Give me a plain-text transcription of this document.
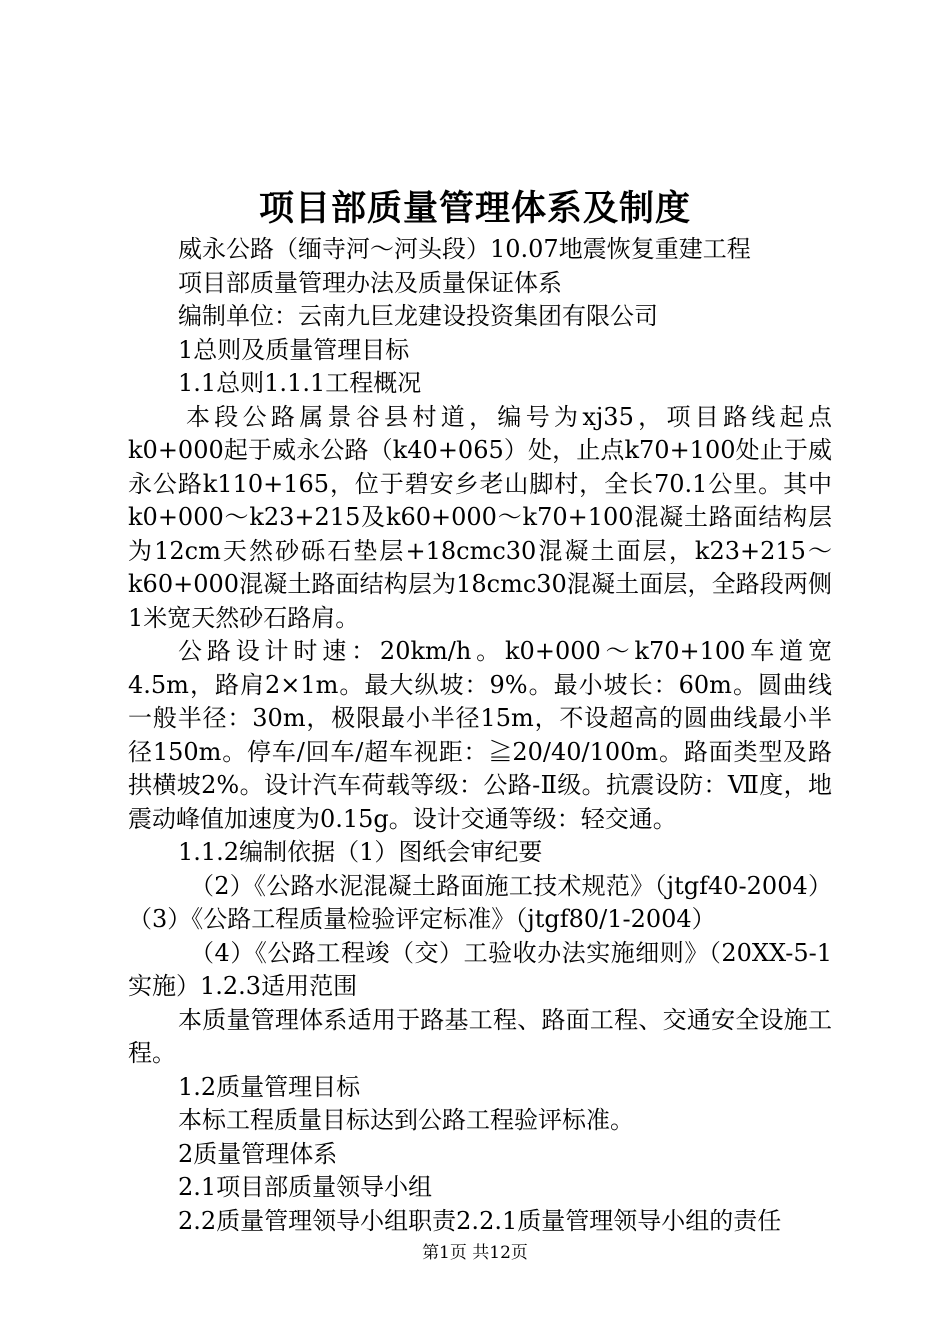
项目部质量管理体系及制度
威永公路（缅寺河～河头段）10.07地震恢复重建工程
项目部质量管理办法及质量保证体系
编制单位：云南九巨龙建设投资集团有限公司
1总则及质量管理目标
1.1总则1.1.1工程概况

本段公路属景谷县村道，编号为xj35，项目路线起点k0+000起于威永公路（k40+065）处，止点k70+100处止于威永公路k110+165，位于碧安乡老山脚村，全长70.1公里。其中k0+000～k23+215及k60+000～k70+100混凝土路面结构层为12cm天然砂砾石垫层+18cmc30混凝土面层，k23+215～k60+000混凝土路面结构层为18cmc30混凝土面层，全路段两侧1米宽天然砂石路肩。

公路设计时速：20km/h。k0+000～k70+100车道宽4.5m，路肩2×1m。最大纵坡：9%。最小坡长：60m。圆曲线一般半径：30m，极限最小半径15m，不设超高的圆曲线最小半径150m。停车/回车/超车视距：≧20/40/100m。路面类型及路拱横坡2%。设计汽车荷载等级：公路-Ⅱ级。抗震设防：Ⅶ度，地震动峰值加速度为0.15g。设计交通等级：轻交通。

1.1.2编制依据（1）图纸会审纪要

（2）《公路水泥混凝土路面施工技术规范》（jtgf40-2004）（3）《公路工程质量检验评定标准》（jtgf80/1-2004）

（4）《公路工程竣（交）工验收办法实施细则》（20XX-5-1实施）1.2.3适用范围

本质量管理体系适用于路基工程、路面工程、交通安全设施工程。

1.2质量管理目标
本标工程质量目标达到公路工程验评标准。
2质量管理体系
2.1项目部质量领导小组
2.2质量管理领导小组职责2.2.1质量管理领导小组的责任
第1页 共12页
